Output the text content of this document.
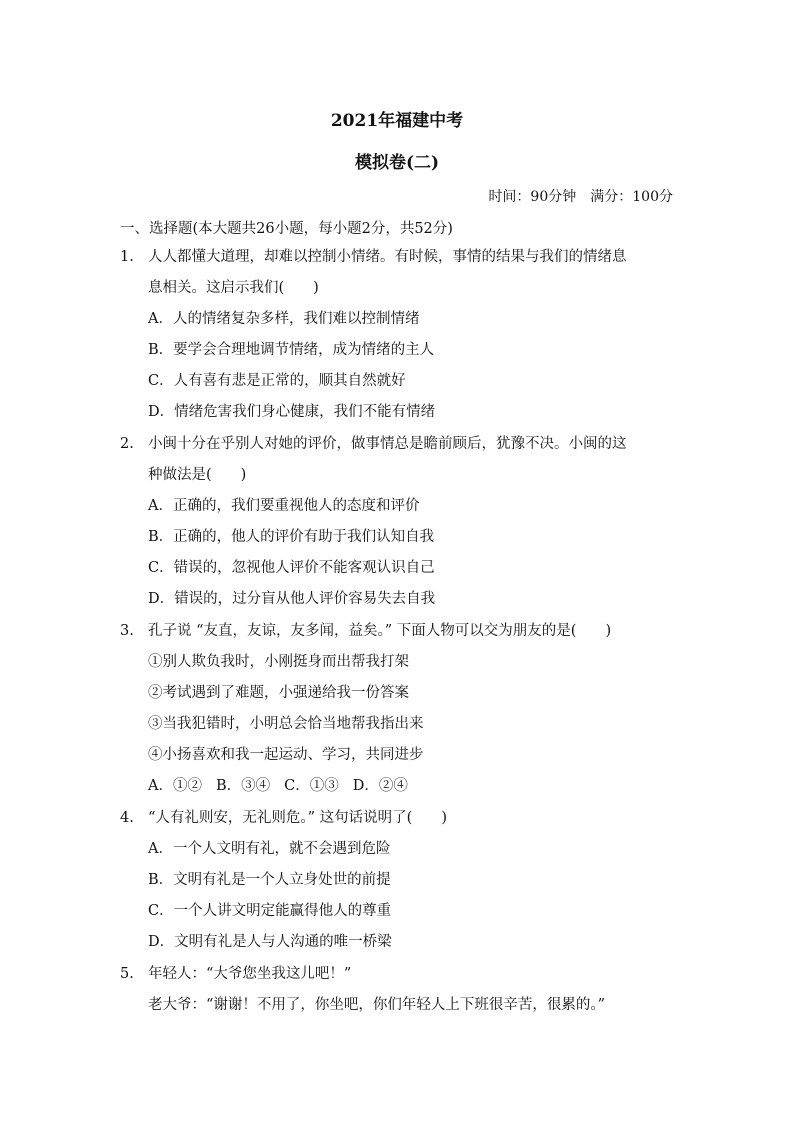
2021年福建中考
模拟卷(二)
时间：90分钟 满分：100分
一、选择题(本大题共26小题，每小题2分，共52分)
1. 人人都懂大道理，却难以控制小情绪。有时候，事情的结果与我们的情绪息
息相关。这启示我们(　　)
A．人的情绪复杂多样，我们难以控制情绪
B．要学会合理地调节情绪，成为情绪的主人
C．人有喜有悲是正常的，顺其自然就好
D．情绪危害我们身心健康，我们不能有情绪
2. 小闽十分在乎别人对她的评价，做事情总是瞻前顾后，犹豫不决。小闽的这
种做法是(　　)
A．正确的，我们要重视他人的态度和评价
B．正确的，他人的评价有助于我们认知自我
C．错误的，忽视他人评价不能客观认识自己
D．错误的，过分盲从他人评价容易失去自我
3. 孔子说 “友直，友谅，友多闻，益矣。” 下面人物可以交为朋友的是(　　)
①别人欺负我时，小刚挺身而出帮我打架
②考试遇到了难题，小强递给我一份答案
③当我犯错时，小明总会恰当地帮我指出来
④小扬喜欢和我一起运动、学习，共同进步
A．①② B．③④ C．①③ D．②④
4. “人有礼则安，无礼则危。” 这句话说明了(　　)
A．一个人文明有礼，就不会遇到危险
B．文明有礼是一个人立身处世的前提
C．一个人讲文明定能赢得他人的尊重
D．文明有礼是人与人沟通的唯一桥梁
5. 年轻人：“大爷您坐我这儿吧！”
老大爷：“谢谢！不用了，你坐吧，你们年轻人上下班很辛苦，很累的。”
